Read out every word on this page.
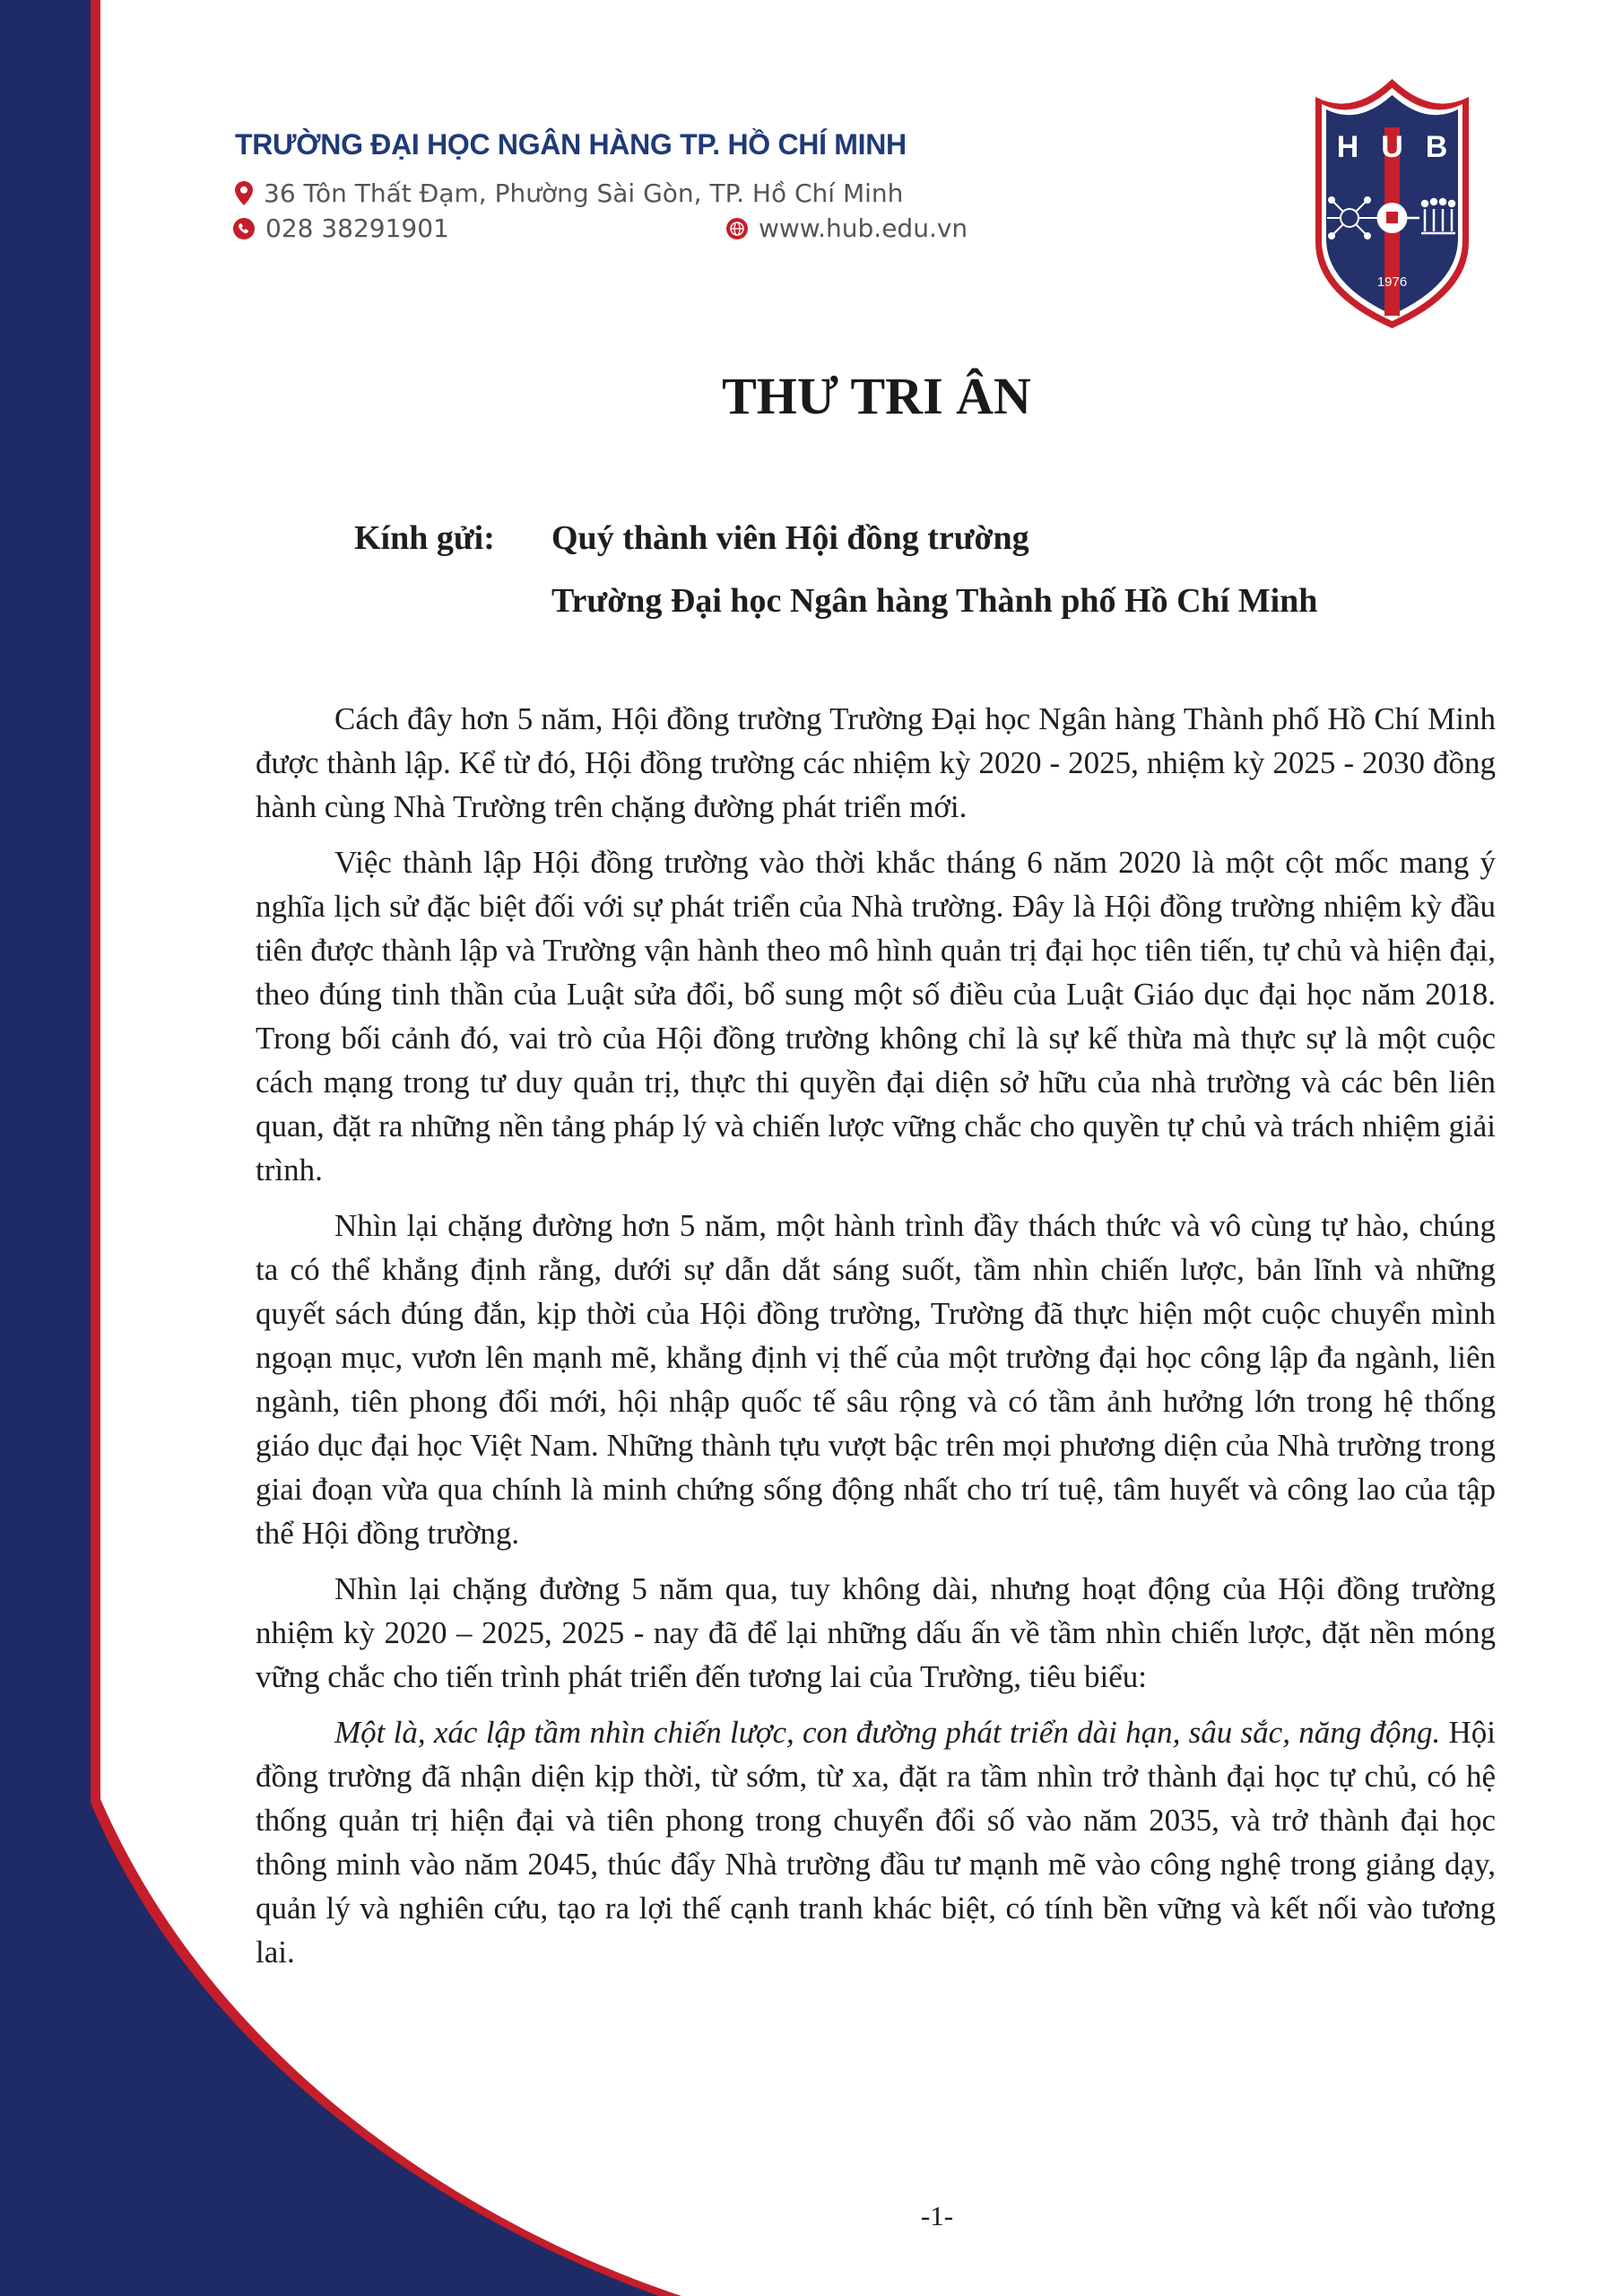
TRƯỜNG ĐẠI HỌC NGÂN HÀNG TP. HỒ CHÍ MINH
36 Tôn Thất Đạm, Phường Sài Gòn, TP. Hồ Chí Minh
028 38291901	www.hub.edu.vn
H U B
1976
THƯ TRI ÂN
Kính gửi:	Quý thành viên Hội đồng trường
Trường Đại học Ngân hàng Thành phố Hồ Chí Minh

Cách đây hơn 5 năm, Hội đồng trường Trường Đại học Ngân hàng Thành phố Hồ Chí Minh được thành lập. Kể từ đó, Hội đồng trường các nhiệm kỳ 2020 - 2025, nhiệm kỳ 2025 - 2030 đồng hành cùng Nhà Trường trên chặng đường phát triển mới.

Việc thành lập Hội đồng trường vào thời khắc tháng 6 năm 2020 là một cột mốc mang ý nghĩa lịch sử đặc biệt đối với sự phát triển của Nhà trường. Đây là Hội đồng trường nhiệm kỳ đầu tiên được thành lập và Trường vận hành theo mô hình quản trị đại học tiên tiến, tự chủ và hiện đại, theo đúng tinh thần của Luật sửa đổi, bổ sung một số điều của Luật Giáo dục đại học năm 2018. Trong bối cảnh đó, vai trò của Hội đồng trường không chỉ là sự kế thừa mà thực sự là một cuộc cách mạng trong tư duy quản trị, thực thi quyền đại diện sở hữu của nhà trường và các bên liên quan, đặt ra những nền tảng pháp lý và chiến lược vững chắc cho quyền tự chủ và trách nhiệm giải trình.

Nhìn lại chặng đường hơn 5 năm, một hành trình đầy thách thức và vô cùng tự hào, chúng ta có thể khẳng định rằng, dưới sự dẫn dắt sáng suốt, tầm nhìn chiến lược, bản lĩnh và những quyết sách đúng đắn, kịp thời của Hội đồng trường, Trường đã thực hiện một cuộc chuyển mình ngoạn mục, vươn lên mạnh mẽ, khẳng định vị thế của một trường đại học công lập đa ngành, liên ngành, tiên phong đổi mới, hội nhập quốc tế sâu rộng và có tầm ảnh hưởng lớn trong hệ thống giáo dục đại học Việt Nam. Những thành tựu vượt bậc trên mọi phương diện của Nhà trường trong giai đoạn vừa qua chính là minh chứng sống động nhất cho trí tuệ, tâm huyết và công lao của tập thể Hội đồng trường.

Nhìn lại chặng đường 5 năm qua, tuy không dài, nhưng hoạt động của Hội đồng trường nhiệm kỳ 2020 – 2025, 2025 - nay đã để lại những dấu ấn về tầm nhìn chiến lược, đặt nền móng vững chắc cho tiến trình phát triển đến tương lai của Trường, tiêu biểu:

Một là, xác lập tầm nhìn chiến lược, con đường phát triển dài hạn, sâu sắc, năng động. Hội đồng trường đã nhận diện kịp thời, từ sớm, từ xa, đặt ra tầm nhìn trở thành đại học tự chủ, có hệ thống quản trị hiện đại và tiên phong trong chuyển đổi số vào năm 2035, và trở thành đại học thông minh vào năm 2045, thúc đẩy Nhà trường đầu tư mạnh mẽ vào công nghệ trong giảng dạy, quản lý và nghiên cứu, tạo ra lợi thế cạnh tranh khác biệt, có tính bền vững và kết nối vào tương lai.

-1-
